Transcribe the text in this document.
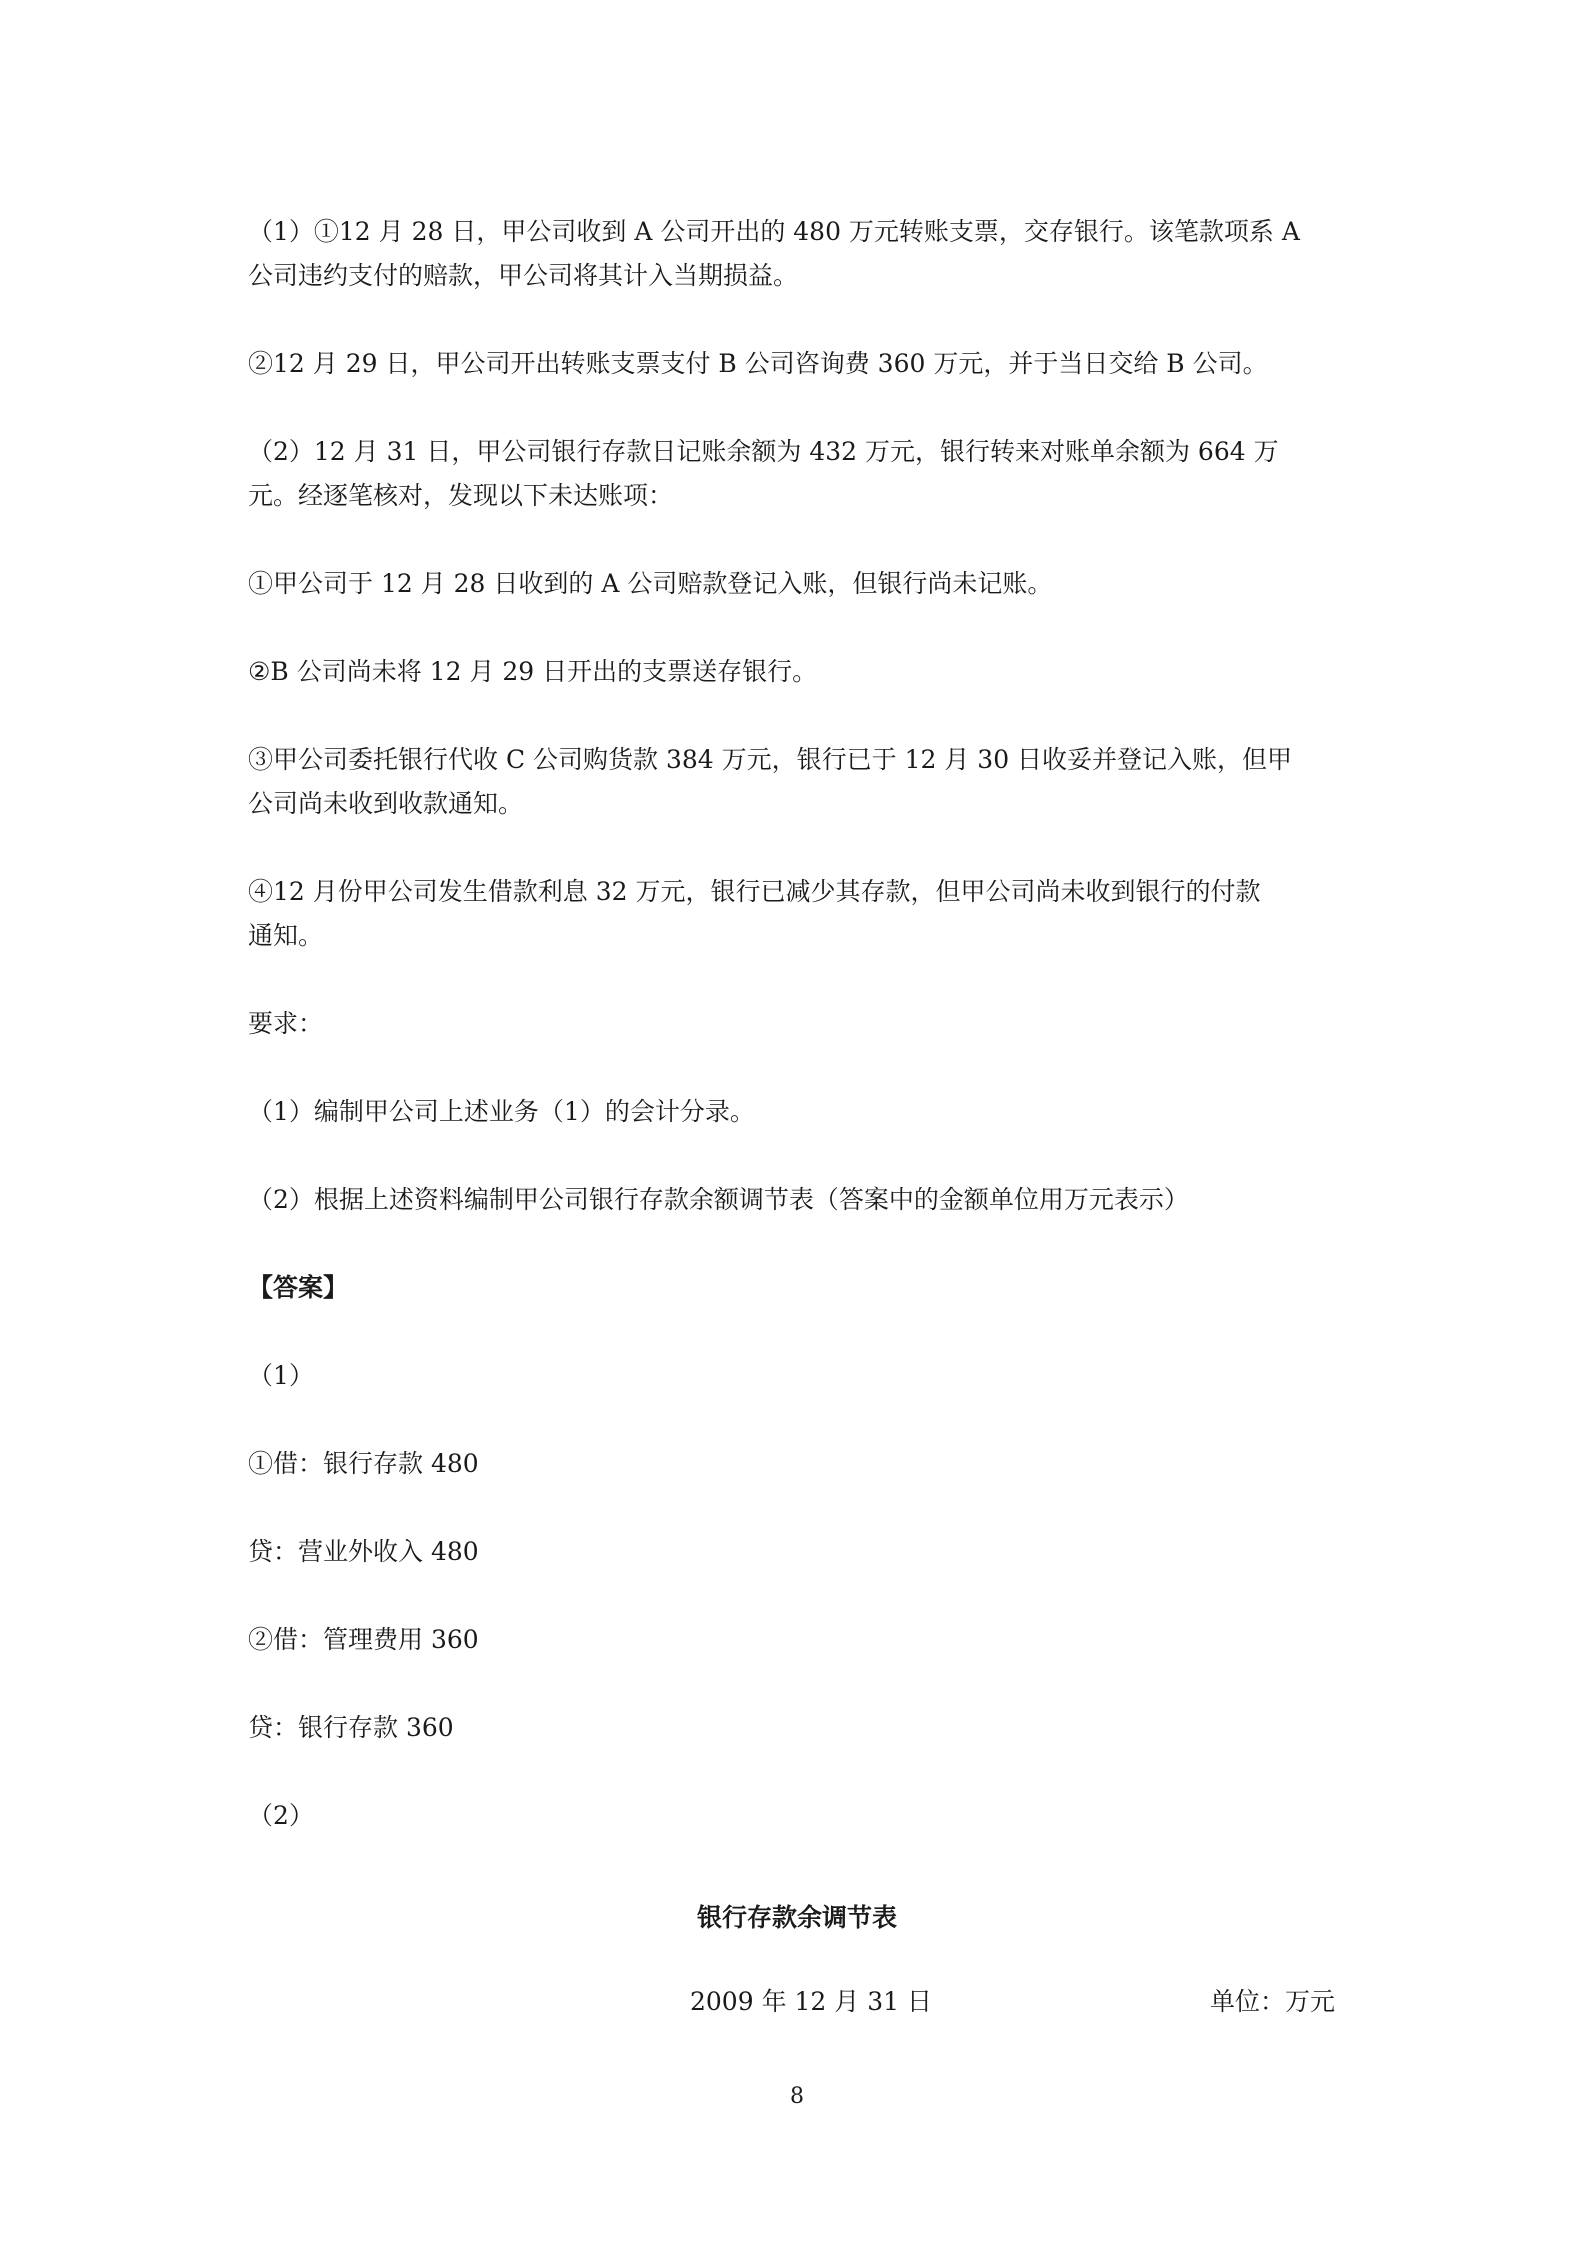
（1）①12 月 28 日，甲公司收到 A 公司开出的 480 万元转账支票，交存银行。该笔款项系 A
公司违约支付的赔款，甲公司将其计入当期损益。

②12 月 29 日，甲公司开出转账支票支付 B 公司咨询费 360 万元，并于当日交给 B 公司。

（2）12 月 31 日，甲公司银行存款日记账余额为 432 万元，银行转来对账单余额为 664 万
元。经逐笔核对，发现以下未达账项：

①甲公司于 12 月 28 日收到的 A 公司赔款登记入账，但银行尚未记账。

②B 公司尚未将 12 月 29 日开出的支票送存银行。

③甲公司委托银行代收 C 公司购货款 384 万元，银行已于 12 月 30 日收妥并登记入账，但甲
公司尚未收到收款通知。

④12 月份甲公司发生借款利息 32 万元，银行已减少其存款，但甲公司尚未收到银行的付款
通知。

要求：

（1）编制甲公司上述业务（1）的会计分录。

（2）根据上述资料编制甲公司银行存款余额调节表（答案中的金额单位用万元表示）

【答案】

（1）

①借：银行存款 480

贷：营业外收入 480

②借：管理费用 360

贷：银行存款 360

（2）

银行存款余调节表

2009 年 12 月 31 日	单位：万元

8
